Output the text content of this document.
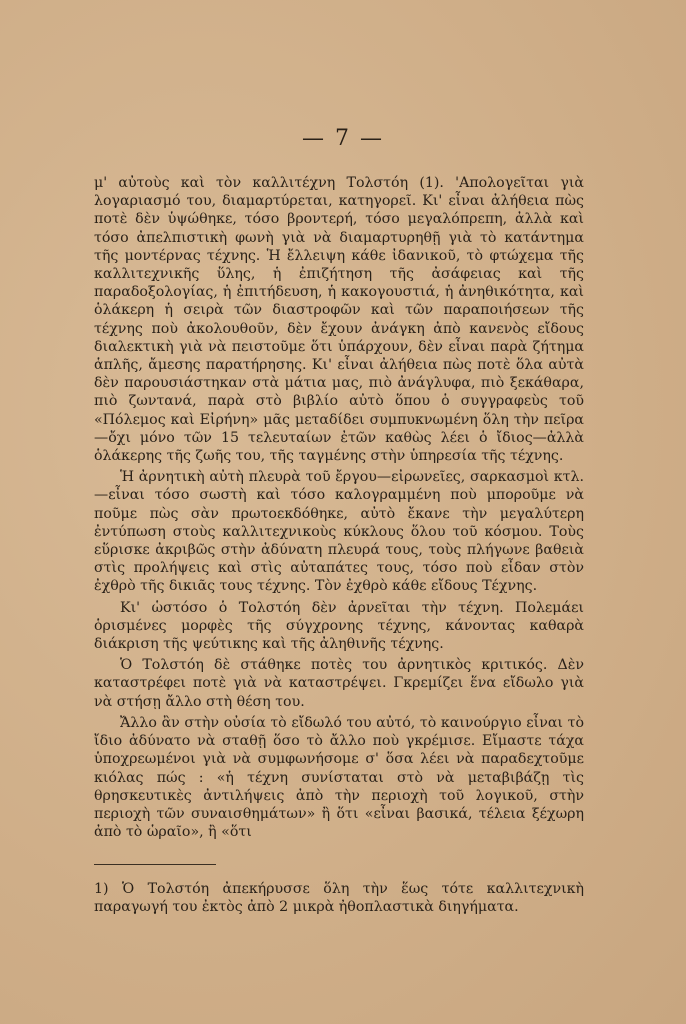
— 7 —

μ' αὐτοὺς καὶ τὸν καλλιτέχνη Τολστόη (1). 'Απολογεῖται γιὰ λογαριασμό του, διαμαρτύρεται, κατηγορεῖ. Κι' εἶναι ἀλήθεια πὼς ποτὲ δὲν ὑψώθηκε, τόσο βροντερή, τόσο μεγαλόπρεπη, ἀλλὰ καὶ τόσο ἀπελπιστικὴ φωνὴ γιὰ νὰ διαμαρτυρηθῇ γιὰ τὸ κατάντημα τῆς μοντέρνας τέχνης. Ἡ ἔλλειψη κάθε ἰδανικοῦ, τὸ φτώχεμα τῆς καλλιτεχνικῆς ὕλης, ἡ ἐπιζήτηση τῆς ἀσάφειας καὶ τῆς παραδοξολογίας, ἡ ἐπιτήδευση, ἡ κακογουστιά, ἡ ἀνηθικότητα, καὶ ὁλάκερη ἡ σειρὰ τῶν διαστροφῶν καὶ τῶν παραποιήσεων τῆς τέχνης ποὺ ἀκολουθοῦν, δὲν ἔχουν ἀνάγκη ἀπὸ κανενὸς εἴδους διαλεκτικὴ γιὰ νὰ πειστοῦμε ὅτι ὑπάρχουν, δὲν εἶναι παρὰ ζήτημα ἁπλῆς, ἄμεσης παρατήρησης. Κι' εἶναι ἀλήθεια πὼς ποτὲ ὅλα αὐτὰ δὲν παρουσιάστηκαν στὰ μάτια μας, πιὸ ἀνάγλυφα, πιὸ ξεκάθαρα, πιὸ ζωντανά, παρὰ στὸ βιβλίο αὐτὸ ὅπου ὁ συγγραφεὺς τοῦ «Πόλεμος καὶ Εἰρήνη» μᾶς μεταδίδει συμπυκνωμένη ὅλη τὴν πεῖρα—ὄχι μόνο τῶν 15 τελευταίων ἐτῶν καθὼς λέει ὁ ἴδιος—ἀλλὰ ὁλάκερης τῆς ζωῆς του, τῆς ταγμένης στὴν ὑπηρεσία τῆς τέχνης.

Ἡ ἀρνητικὴ αὐτὴ πλευρὰ τοῦ ἔργου—εἰρωνεῖες, σαρκασμοὶ κτλ.—εἶναι τόσο σωστὴ καὶ τόσο καλογραμμένη ποὺ μποροῦμε νὰ ποῦμε πὼς σὰν πρωτοεκδόθηκε, αὐτὸ ἔκανε τὴν μεγαλύτερη ἐντύπωση στοὺς καλλιτεχνικοὺς κύκλους ὅλου τοῦ κόσμου. Τοὺς εὕρισκε ἀκριβῶς στὴν ἀδύνατη πλευρά τους, τοὺς πλήγωνε βαθειὰ στὶς προλήψεις καὶ στὶς αὐταπάτες τους, τόσο ποὺ εἶδαν στὸν ἐχθρὸ τῆς δικιᾶς τους τέχνης. Τὸν ἐχθρὸ κάθε εἴδους Τέχνης.

Κι' ὡστόσο ὁ Τολστόη δὲν ἀρνεῖται τὴν τέχνη. Πολεμάει ὁρισμένες μορφὲς τῆς σύγχρονης τέχνης, κάνοντας καθαρὰ διάκριση τῆς ψεύτικης καὶ τῆς ἀληθινῆς τέχνης.

Ὁ Τολστόη δὲ στάθηκε ποτὲς του ἀρνητικὸς κριτικός. Δὲν καταστρέφει ποτὲ γιὰ νὰ καταστρέψει. Γκρεμίζει ἕνα εἴδωλο γιὰ νὰ στήσῃ ἄλλο στὴ θέση του.

Ἄλλο ἂν στὴν οὐσία τὸ εἴδωλό του αὐτό, τὸ καινούργιο εἶναι τὸ ἴδιο ἀδύνατο νὰ σταθῇ ὅσο τὸ ἄλλο ποὺ γκρέμισε. Εἴμαστε τάχα ὑποχρεωμένοι γιὰ νὰ συμφωνήσομε σ' ὅσα λέει νὰ παραδεχτοῦμε κιόλας πώς : «ἡ τέχνη συνίσταται στὸ νὰ μεταβιβάζῃ τὶς θρησκευτικὲς ἀντιλήψεις ἀπὸ τὴν περιοχὴ τοῦ λογικοῦ, στὴν περιοχὴ τῶν συναισθημάτων» ἢ ὅτι «εἶναι βασικά, τέλεια ξέχωρη ἀπὸ τὸ ὡραῖο», ἢ «ὅτι

1) Ὁ Τολστόη ἀπεκήρυσσε ὅλη τὴν ἕως τότε καλλιτεχνικὴ παραγωγή του ἐκτὸς ἀπὸ 2 μικρὰ ἠθοπλαστικὰ διηγήματα.
